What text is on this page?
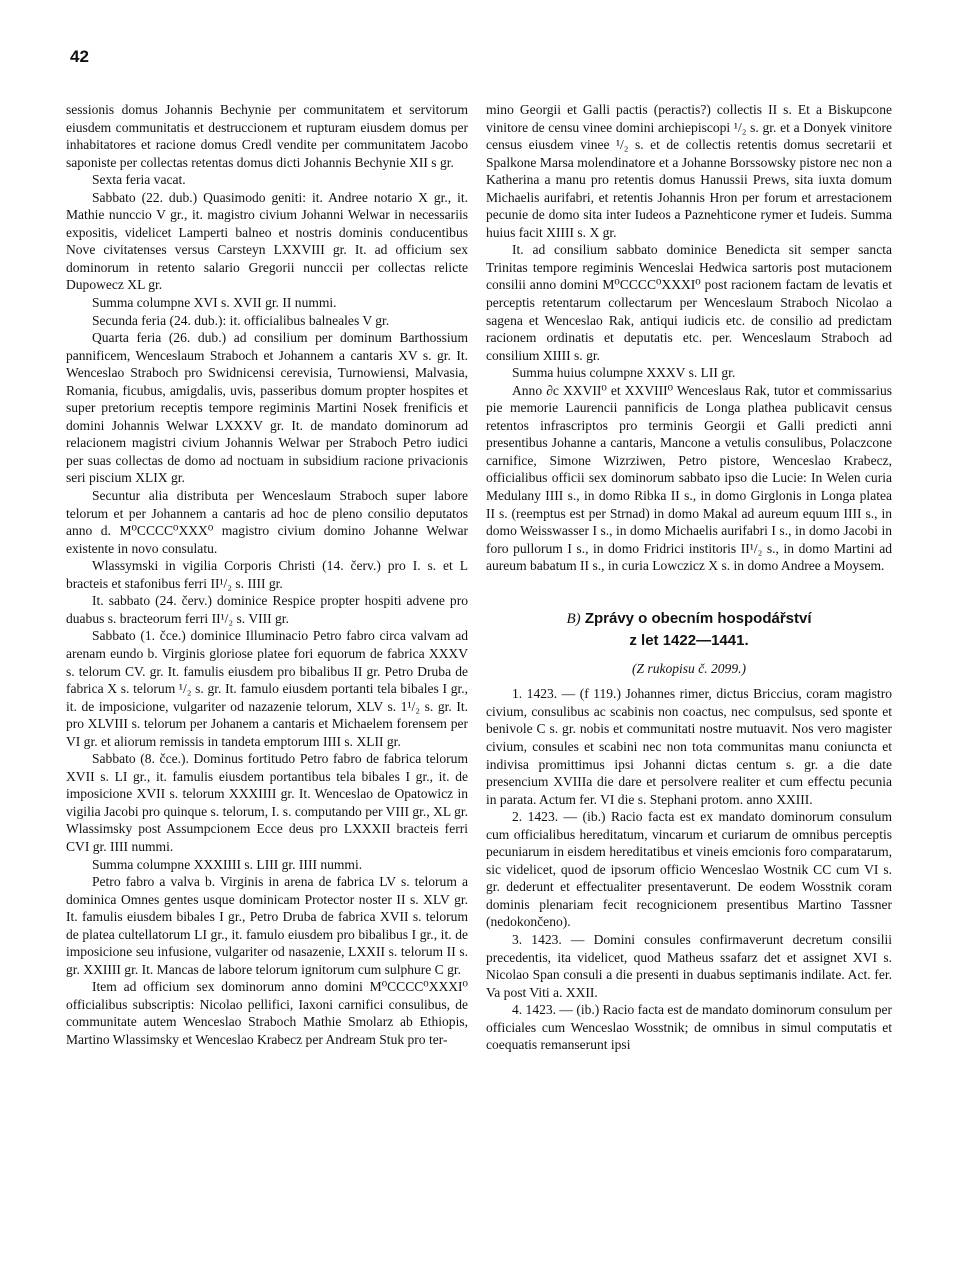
42

sessionis domus Johannis Bechynie per communitatem et servitorum eiusdem communitatis et destruccionem et rupturam eiusdem domus per inhabitatores et racione domus Credl vendite per communitatem Jacobo saponiste per collectas retentas domus dicti Johannis Bechynie XII s gr.

Sexta feria vacat.

Sabbato (22. dub.) Quasimodo geniti: it. Andree notario X gr., it. Mathie nunccio V gr., it. magistro civium Johanni Welwar in necessariis expositis, videlicet Lamperti balneo et nostris dominis conducentibus Nove civitatenses versus Carsteyn LXXVIII gr. It. ad officium sex dominorum in retento salario Gregorii nunccii per collectas relicte Dupowecz XL gr.

Summa columpne XVI s. XVII gr. II nummi.

Secunda feria (24. dub.): it. officialibus balneales V gr.

Quarta feria (26. dub.) ad consilium per dominum Barthossium pannificem, Wenceslaum Straboch et Johannem a cantaris XV s. gr. It. Wenceslao Straboch pro Swidnicensi cerevisia, Turnowiensi, Malvasia, Romania, ficubus, amigdalis, uvis, passeribus domum propter hospites et super pretorium receptis tempore regiminis Martini Nosek frenificis et domini Johannis Welwar LXXXV gr. It. de mandato dominorum ad relacionem magistri civium Johannis Welwar per Straboch Petro iudici per suas collectas de domo ad noctuam in subsidium racione privacionis seri piscium XLIX gr.

Secuntur alia distributa per Wenceslaum Straboch super labore telorum et per Johannem a cantaris ad hoc de pleno consilio deputatos anno d. M⁰CCCC⁰XXX⁰ magistro civium domino Johanne Welwar existente in novo consulatu.

Wlassymski in vigilia Corporis Christi (14. červ.) pro I. s. et L bracteis et stafonibus ferri II¹/₂ s. IIII gr.

It. sabbato (24. červ.) dominice Respice propter hospiti advene pro duabus s. bracteorum ferri II¹/₂ s. VIII gr.

Sabbato (1. čce.) dominice Illuminacio Petro fabro circa valvam ad arenam eundo b. Virginis gloriose platee fori equorum de fabrica XXXV s. telorum CV. gr. It. famulis eiusdem pro bibalibus II gr. Petro Druba de fabrica X s. telorum ¹/₂ s. gr. It. famulo eiusdem portanti tela bibales I gr., it. de imposicione, vulgariter od nazazenie telorum, XLV s. 1¹/₂ s. gr. It. pro XLVIII s. telorum per Johanem a cantaris et Michaelem forensem per VI gr. et aliorum remissis in tandeta emptorum IIII s. XLII gr.

Sabbato (8. čce.). Dominus fortitudo Petro fabro de fabrica telorum XVII s. LI gr., it. famulis eiusdem portantibus tela bibales I gr., it. de imposicione XVII s. telorum XXXIIII gr. It. Wenceslao de Opatowicz in vigilia Jacobi pro quinque s. telorum, I. s. computando per VIII gr., XL gr. Wlassimsky post Assumpcionem Ecce deus pro LXXXII bracteis ferri CVI gr. IIII nummi.

Summa columpne XXXIIII s. LIII gr. IIII nummi.

Petro fabro a valva b. Virginis in arena de fabrica LV s. telorum a dominica Omnes gentes usque dominicam Protector noster II s. XLV gr. It. famulis eiusdem bibales I gr., Petro Druba de fabrica XVII s. telorum de platea cultellatorum LI gr., it. famulo eiusdem pro bibalibus I gr., it. de imposicione seu infusione, vulgariter od nasazenie, LXXII s. telorum II s. gr. XXIIII gr. It. Mancas de labore telorum ignitorum cum sulphure C gr.

Item ad officium sex dominorum anno domini M⁰CCCC⁰XXXI⁰ officialibus subscriptis: Nicolao pellifici, Iaxoni carnifici consulibus, de communitate autem Wenceslao Straboch Mathie Smolarz ab Ethiopis, Martino Wlassimsky et Wenceslao Krabecz per Andream Stuk pro ter-

mino Georgii et Galli pactis (peractis?) collectis II s. Et a Biskupcone vinitore de censu vinee domini archiepiscopi ¹/₂ s. gr. et a Donyek vinitore census eiusdem vinee ¹/₂ s. et de collectis retentis domus secretarii et Spalkone Marsa molendinatore et a Johanne Borssowsky pistore nec non a Katherina a manu pro retentis domus Hanussii Prews, sita iuxta domum Michaelis aurifabri, et retentis Johannis Hron per forum et arrestacionem pecunie de domo sita inter Iudeos a Paznehticone rymer et Iudeis. Summa huius facit XIIII s. X gr.

It. ad consilium sabbato dominice Benedicta sit semper sancta Trinitas tempore regiminis Wenceslai Hedwica sartoris post mutacionem consilii anno domini M⁰CCCC⁰XXXI⁰ post racionem factam de levatis et perceptis retentarum collectarum per Wenceslaum Straboch Nicolao a sagena et Wenceslao Rak, antiqui iudicis etc. de consilio ad predictam racionem ordinatis et deputatis etc. per. Wenceslaum Straboch ad consilium XIIII s. gr.

Summa huius columpne XXXV s. LII gr.

Anno ∂c XXVII⁰ et XXVIII⁰ Wenceslaus Rak, tutor et commissarius pie memorie Laurencii pannificis de Longa plathea publicavit census retentos infrascriptos pro terminis Georgii et Galli predicti anni presentibus Johanne a cantaris, Mancone a vetulis consulibus, Polaczcone carnifice, Simone Wizrziwen, Petro pistore, Wenceslao Krabecz, officialibus officii sex dominorum sabbato ipso die Lucie: In Welen curia Medulany IIII s., in domo Ribka II s., in domo Girglonis in Longa platea II s. (reemptus est per Strnad) in domo Makal ad aureum equum IIII s., in domo Weisswasser I s., in domo Michaelis aurifabri I s., in domo Jacobi in foro pullorum I s., in domo Fridrici institoris II¹/₂ s., in domo Martini ad aureum babatum II s., in curia Lowczicz X s. in domo Andree a Moysem.

B) Zprávy o obecním hospodářství

z let 1422—1441.

(Z rukopisu č. 2099.)

1. 1423. — (f 119.) Johannes rimer, dictus Briccius, coram magistro civium, consulibus ac scabinis non coactus, nec compulsus, sed sponte et benivole C s. gr. nobis et communitati nostre mutuavit. Nos vero magister civium, consules et scabini nec non tota communitas manu coniuncta et indivisa promittimus ipsi Johanni dictas centum s. gr. a die date presencium XVIIIa die dare et persolvere realiter et cum effectu pecunia in parata. Actum fer. VI die s. Stephani protom. anno XXIII.

2. 1423. — (ib.) Racio facta est ex mandato dominorum consulum cum officialibus hereditatum, vincarum et curiarum de omnibus perceptis pecuniarum in eisdem hereditatibus et vineis emcionis foro comparatarum, sic videlicet, quod de ipsorum officio Wenceslao Wostnik CC cum VI s. gr. dederunt et effectualiter presentaverunt. De eodem Wosstnik coram dominis plenariam fecit recognicionem presentibus Martino Tassner (nedokončeno).

3. 1423. — Domini consules confirmaverunt decretum consilii precedentis, ita videlicet, quod Matheus ssafarz det et assignet XVI s. Nicolao Span consuli a die presenti in duabus septimanis indilate. Act. fer. Va post Viti a. XXII.

4. 1423. — (ib.) Racio facta est de mandato dominorum consulum per officiales cum Wenceslao Wosstnik; de omnibus in simul computatis et coequatis remanserunt ipsi
